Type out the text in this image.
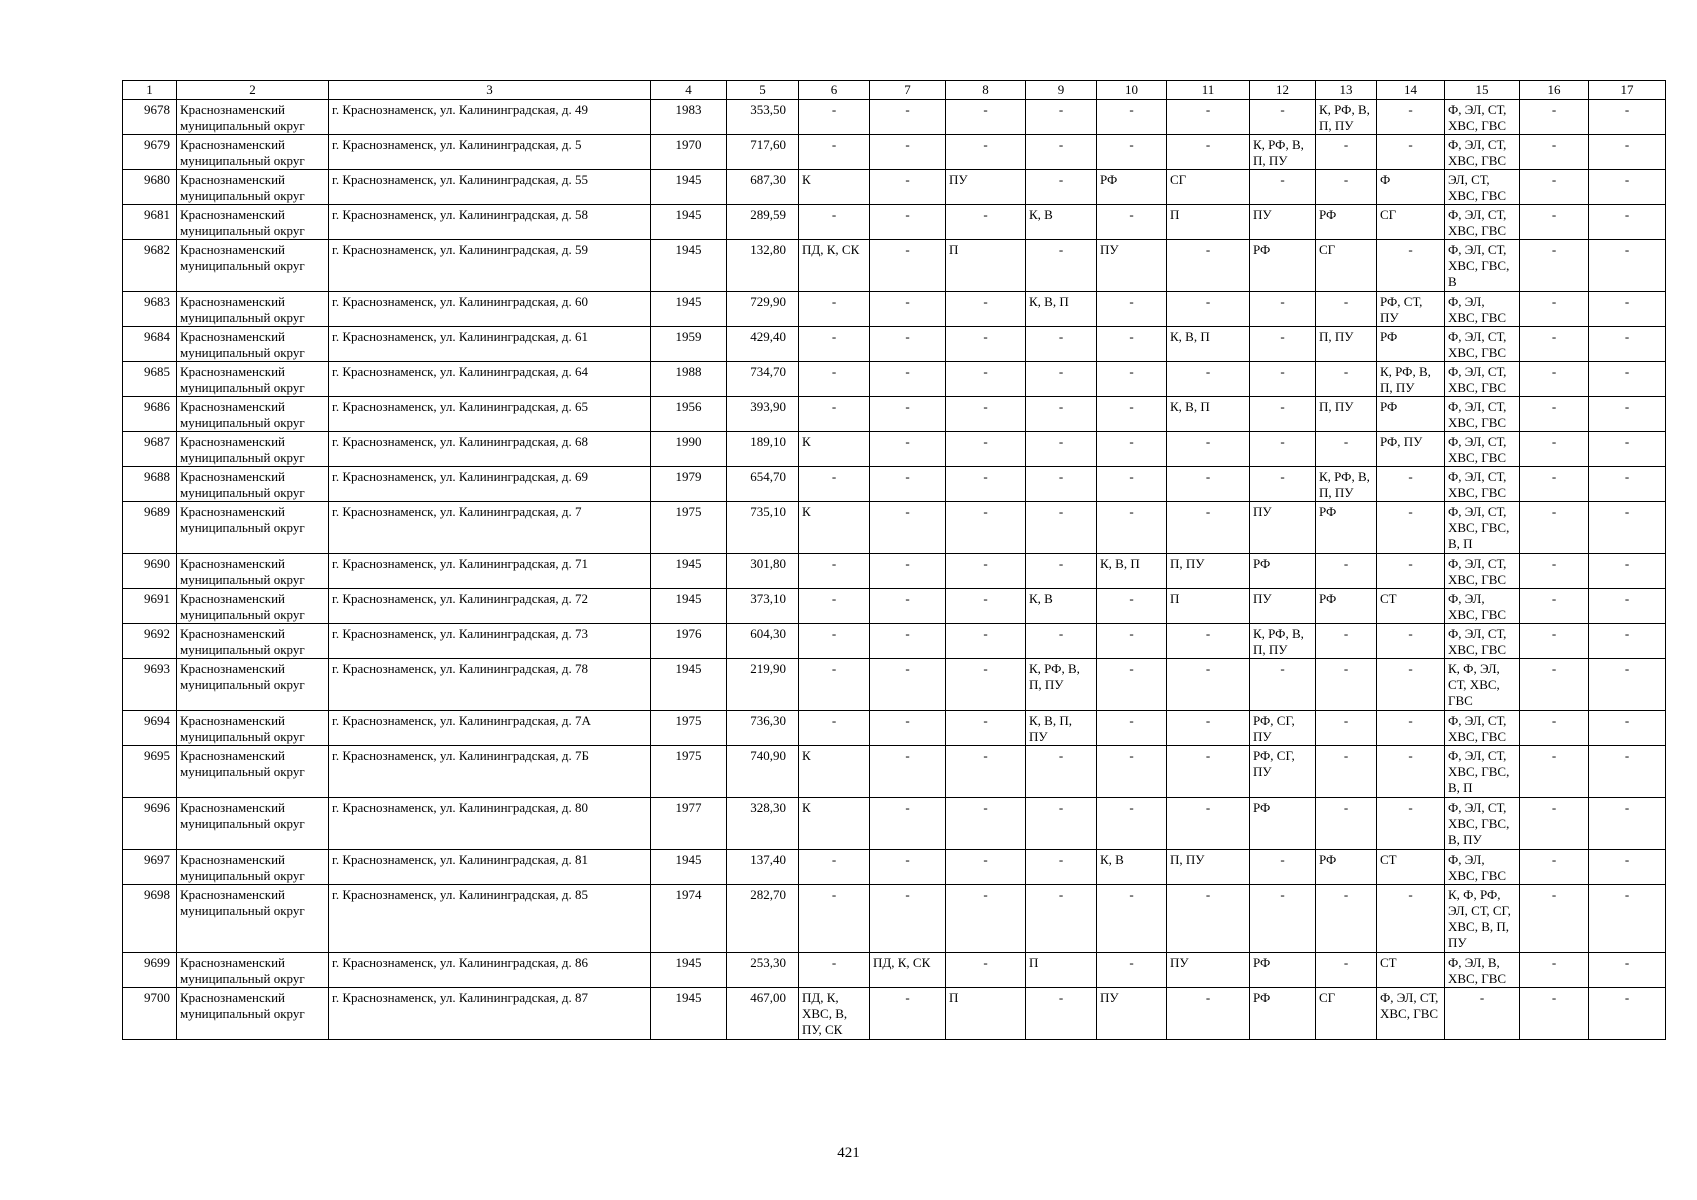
1	2	3	4	5	6	7	8	9	10	11	12	13	14	15	16	17
9678	Краснознаменский муниципальный округ	г. Краснознаменск, ул. Калининградская, д. 49	1983	353,50	-	-	-	-	-	-	-	К, РФ, В, П, ПУ	-	Ф, ЭЛ, СТ, ХВС, ГВС	-	-
9679	Краснознаменский муниципальный округ	г. Краснознаменск, ул. Калининградская, д. 5	1970	717,60	-	-	-	-	-	-	К, РФ, В, П, ПУ	-	-	Ф, ЭЛ, СТ, ХВС, ГВС	-	-
9680	Краснознаменский муниципальный округ	г. Краснознаменск, ул. Калининградская, д. 55	1945	687,30	К	-	ПУ	-	РФ	СГ	-	-	Ф	ЭЛ, СТ, ХВС, ГВС	-	-
9681	Краснознаменский муниципальный округ	г. Краснознаменск, ул. Калининградская, д. 58	1945	289,59	-	-	-	К, В	-	П	ПУ	РФ	СГ	Ф, ЭЛ, СТ, ХВС, ГВС	-	-
9682	Краснознаменский муниципальный округ	г. Краснознаменск, ул. Калининградская, д. 59	1945	132,80	ПД, К, СК	-	П	-	ПУ	-	РФ	СГ	-	Ф, ЭЛ, СТ, ХВС, ГВС, В	-	-
9683	Краснознаменский муниципальный округ	г. Краснознаменск, ул. Калининградская, д. 60	1945	729,90	-	-	-	К, В, П	-	-	-	-	РФ, СТ, ПУ	Ф, ЭЛ, ХВС, ГВС	-	-
9684	Краснознаменский муниципальный округ	г. Краснознаменск, ул. Калининградская, д. 61	1959	429,40	-	-	-	-	-	К, В, П	-	П, ПУ	РФ	Ф, ЭЛ, СТ, ХВС, ГВС	-	-
9685	Краснознаменский муниципальный округ	г. Краснознаменск, ул. Калининградская, д. 64	1988	734,70	-	-	-	-	-	-	-	-	К, РФ, В, П, ПУ	Ф, ЭЛ, СТ, ХВС, ГВС	-	-
9686	Краснознаменский муниципальный округ	г. Краснознаменск, ул. Калининградская, д. 65	1956	393,90	-	-	-	-	-	К, В, П	-	П, ПУ	РФ	Ф, ЭЛ, СТ, ХВС, ГВС	-	-
9687	Краснознаменский муниципальный округ	г. Краснознаменск, ул. Калининградская, д. 68	1990	189,10	К	-	-	-	-	-	-	-	РФ, ПУ	Ф, ЭЛ, СТ, ХВС, ГВС	-	-
9688	Краснознаменский муниципальный округ	г. Краснознаменск, ул. Калининградская, д. 69	1979	654,70	-	-	-	-	-	-	-	К, РФ, В, П, ПУ	-	Ф, ЭЛ, СТ, ХВС, ГВС	-	-
9689	Краснознаменский муниципальный округ	г. Краснознаменск, ул. Калининградская, д. 7	1975	735,10	К	-	-	-	-	-	ПУ	РФ	-	Ф, ЭЛ, СТ, ХВС, ГВС, В, П	-	-
9690	Краснознаменский муниципальный округ	г. Краснознаменск, ул. Калининградская, д. 71	1945	301,80	-	-	-	-	К, В, П	П, ПУ	РФ	-	-	Ф, ЭЛ, СТ, ХВС, ГВС	-	-
9691	Краснознаменский муниципальный округ	г. Краснознаменск, ул. Калининградская, д. 72	1945	373,10	-	-	-	К, В	-	П	ПУ	РФ	СТ	Ф, ЭЛ, ХВС, ГВС	-	-
9692	Краснознаменский муниципальный округ	г. Краснознаменск, ул. Калининградская, д. 73	1976	604,30	-	-	-	-	-	-	К, РФ, В, П, ПУ	-	-	Ф, ЭЛ, СТ, ХВС, ГВС	-	-
9693	Краснознаменский муниципальный округ	г. Краснознаменск, ул. Калининградская, д. 78	1945	219,90	-	-	-	К, РФ, В, П, ПУ	-	-	-	-	-	К, Ф, ЭЛ, СТ, ХВС, ГВС	-	-
9694	Краснознаменский муниципальный округ	г. Краснознаменск, ул. Калининградская, д. 7А	1975	736,30	-	-	-	К, В, П, ПУ	-	-	РФ, СГ, ПУ	-	-	Ф, ЭЛ, СТ, ХВС, ГВС	-	-
9695	Краснознаменский муниципальный округ	г. Краснознаменск, ул. Калининградская, д. 7Б	1975	740,90	К	-	-	-	-	-	РФ, СГ, ПУ	-	-	Ф, ЭЛ, СТ, ХВС, ГВС, В, П	-	-
9696	Краснознаменский муниципальный округ	г. Краснознаменск, ул. Калининградская, д. 80	1977	328,30	К	-	-	-	-	-	РФ	-	-	Ф, ЭЛ, СТ, ХВС, ГВС, В, ПУ	-	-
9697	Краснознаменский муниципальный округ	г. Краснознаменск, ул. Калининградская, д. 81	1945	137,40	-	-	-	-	К, В	П, ПУ	-	РФ	СТ	Ф, ЭЛ, ХВС, ГВС	-	-
9698	Краснознаменский муниципальный округ	г. Краснознаменск, ул. Калининградская, д. 85	1974	282,70	-	-	-	-	-	-	-	-	-	К, Ф, РФ, ЭЛ, СТ, СГ, ХВС, В, П, ПУ	-	-
9699	Краснознаменский муниципальный округ	г. Краснознаменск, ул. Калининградская, д. 86	1945	253,30	-	ПД, К, СК	-	П	-	ПУ	РФ	-	СТ	Ф, ЭЛ, В, ХВС, ГВС	-	-
9700	Краснознаменский муниципальный округ	г. Краснознаменск, ул. Калининградская, д. 87	1945	467,00	ПД, К, ХВС, В, ПУ, СК	-	П	-	ПУ	-	РФ	СГ	Ф, ЭЛ, СТ, ХВС, ГВС	-	-	-
421
